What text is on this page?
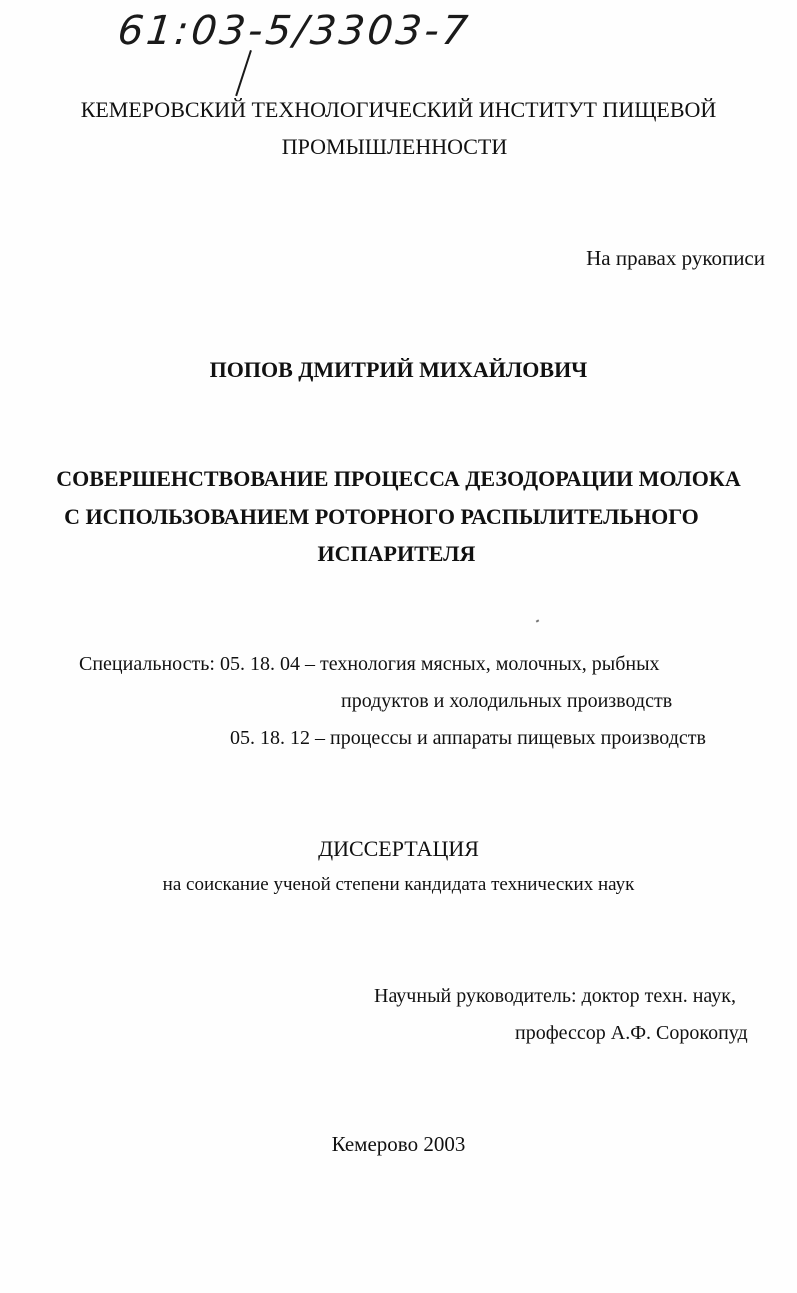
61:03-5/3303-7
КЕМЕРОВСКИЙ ТЕХНОЛОГИЧЕСКИЙ ИНСТИТУТ ПИЩЕВОЙ
ПРОМЫШЛЕННОСТИ
На правах рукописи
ПОПОВ ДМИТРИЙ МИХАЙЛОВИЧ
СОВЕРШЕНСТВОВАНИЕ ПРОЦЕССА ДЕЗОДОРАЦИИ МОЛОКА
С ИСПОЛЬЗОВАНИЕМ РОТОРНОГО РАСПЫЛИТЕЛЬНОГО
ИСПАРИТЕЛЯ
Специальность: 05. 18. 04 – технология мясных, молочных, рыбных
продуктов и холодильных производств
05. 18. 12 – процессы и аппараты пищевых производств
ДИССЕРТАЦИЯ
на соискание ученой степени кандидата технических наук
Научный руководитель: доктор техн. наук,
профессор А.Ф. Сорокопуд
Кемерово 2003
